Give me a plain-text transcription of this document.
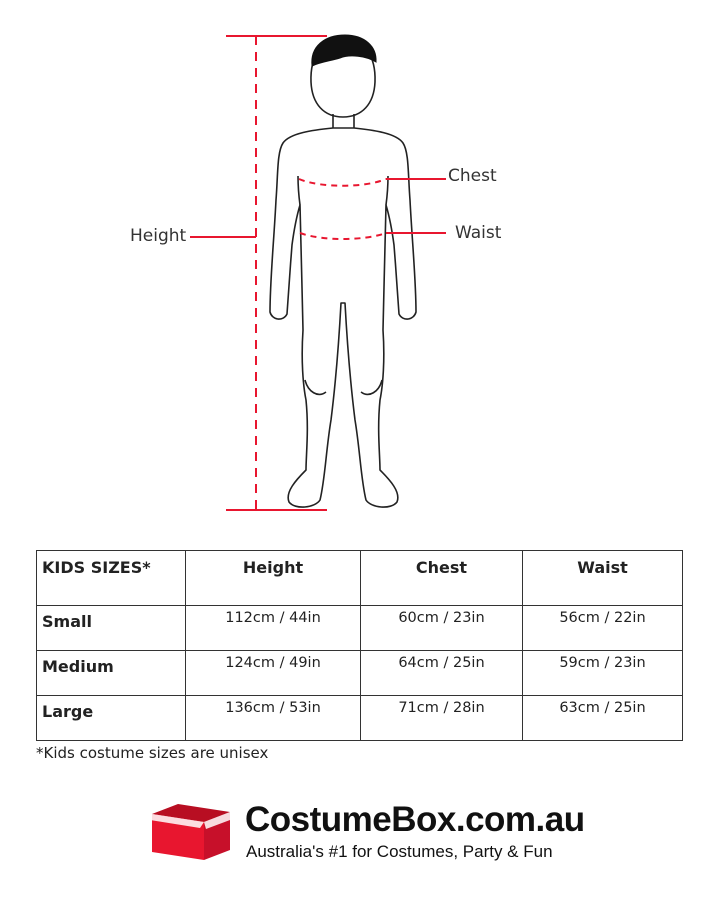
Height
Chest
Waist
KIDS SIZES*	Height	Chest	Waist
Small	112cm / 44in	60cm / 23in	56cm / 22in
Medium	124cm / 49in	64cm / 25in	59cm / 23in
Large	136cm / 53in	71cm / 28in	63cm / 25in
*Kids costume sizes are unisex
CostumeBox.com.au
Australia's #1 for Costumes, Party & Fun
